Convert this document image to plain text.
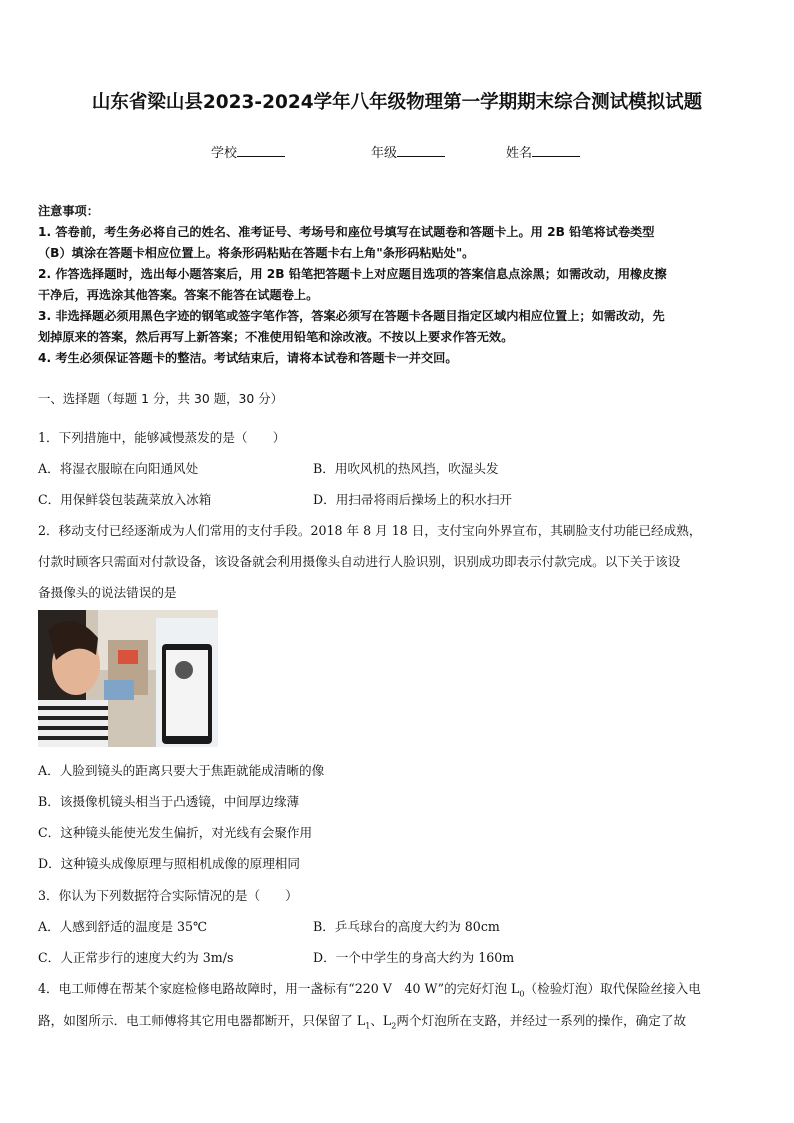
山东省梁山县2023-2024学年八年级物理第一学期期末综合测试模拟试题
学校	年级	姓名
注意事项：
1. 答卷前，考生务必将自己的姓名、准考证号、考场号和座位号填写在试题卷和答题卡上。用 2B 铅笔将试卷类型
（B）填涂在答题卡相应位置上。将条形码粘贴在答题卡右上角"条形码粘贴处"。
2. 作答选择题时，选出每小题答案后，用 2B 铅笔把答题卡上对应题目选项的答案信息点涂黑；如需改动，用橡皮擦
干净后，再选涂其他答案。答案不能答在试题卷上。
3. 非选择题必须用黑色字迹的钢笔或签字笔作答，答案必须写在答题卡各题目指定区域内相应位置上；如需改动，先
划掉原来的答案，然后再写上新答案；不准使用铅笔和涂改液。不按以上要求作答无效。
4. 考生必须保证答题卡的整洁。考试结束后，请将本试卷和答题卡一并交回。
一、选择题（每题 1 分，共 30 题，30 分）
1．下列措施中，能够减慢蒸发的是（　　）
A．将湿衣服晾在向阳通风处	B．用吹风机的热风挡，吹湿头发
C．用保鲜袋包装蔬菜放入冰箱	D．用扫帚将雨后操场上的积水扫开
2．移动支付已经逐渐成为人们常用的支付手段。2018 年 8 月 18 日，支付宝向外界宣布，其刷脸支付功能已经成熟，
付款时顾客只需面对付款设备，该设备就会利用摄像头自动进行人脸识别，识别成功即表示付款完成。以下关于该设
备摄像头的说法错误的是
A．人脸到镜头的距离只要大于焦距就能成清晰的像
B．该摄像机镜头相当于凸透镜，中间厚边缘薄
C．这种镜头能使光发生偏折，对光线有会聚作用
D．这种镜头成像原理与照相机成像的原理相同
3．你认为下列数据符合实际情况的是（　　）
A．人感到舒适的温度是 35℃	B．乒乓球台的高度大约为 80cm
C．人正常步行的速度大约为 3m/s	D．一个中学生的身高大约为 160m
4．电工师傅在帮某个家庭检修电路故障时，用一盏标有“220 V　40 W”的完好灯泡 $L_0$（检验灯泡）取代保险丝接入电
路，如图所示．电工师傅将其它用电器都断开，只保留了 $L_1$、$L_2$两个灯泡所在支路，并经过一系列的操作，确定了故
